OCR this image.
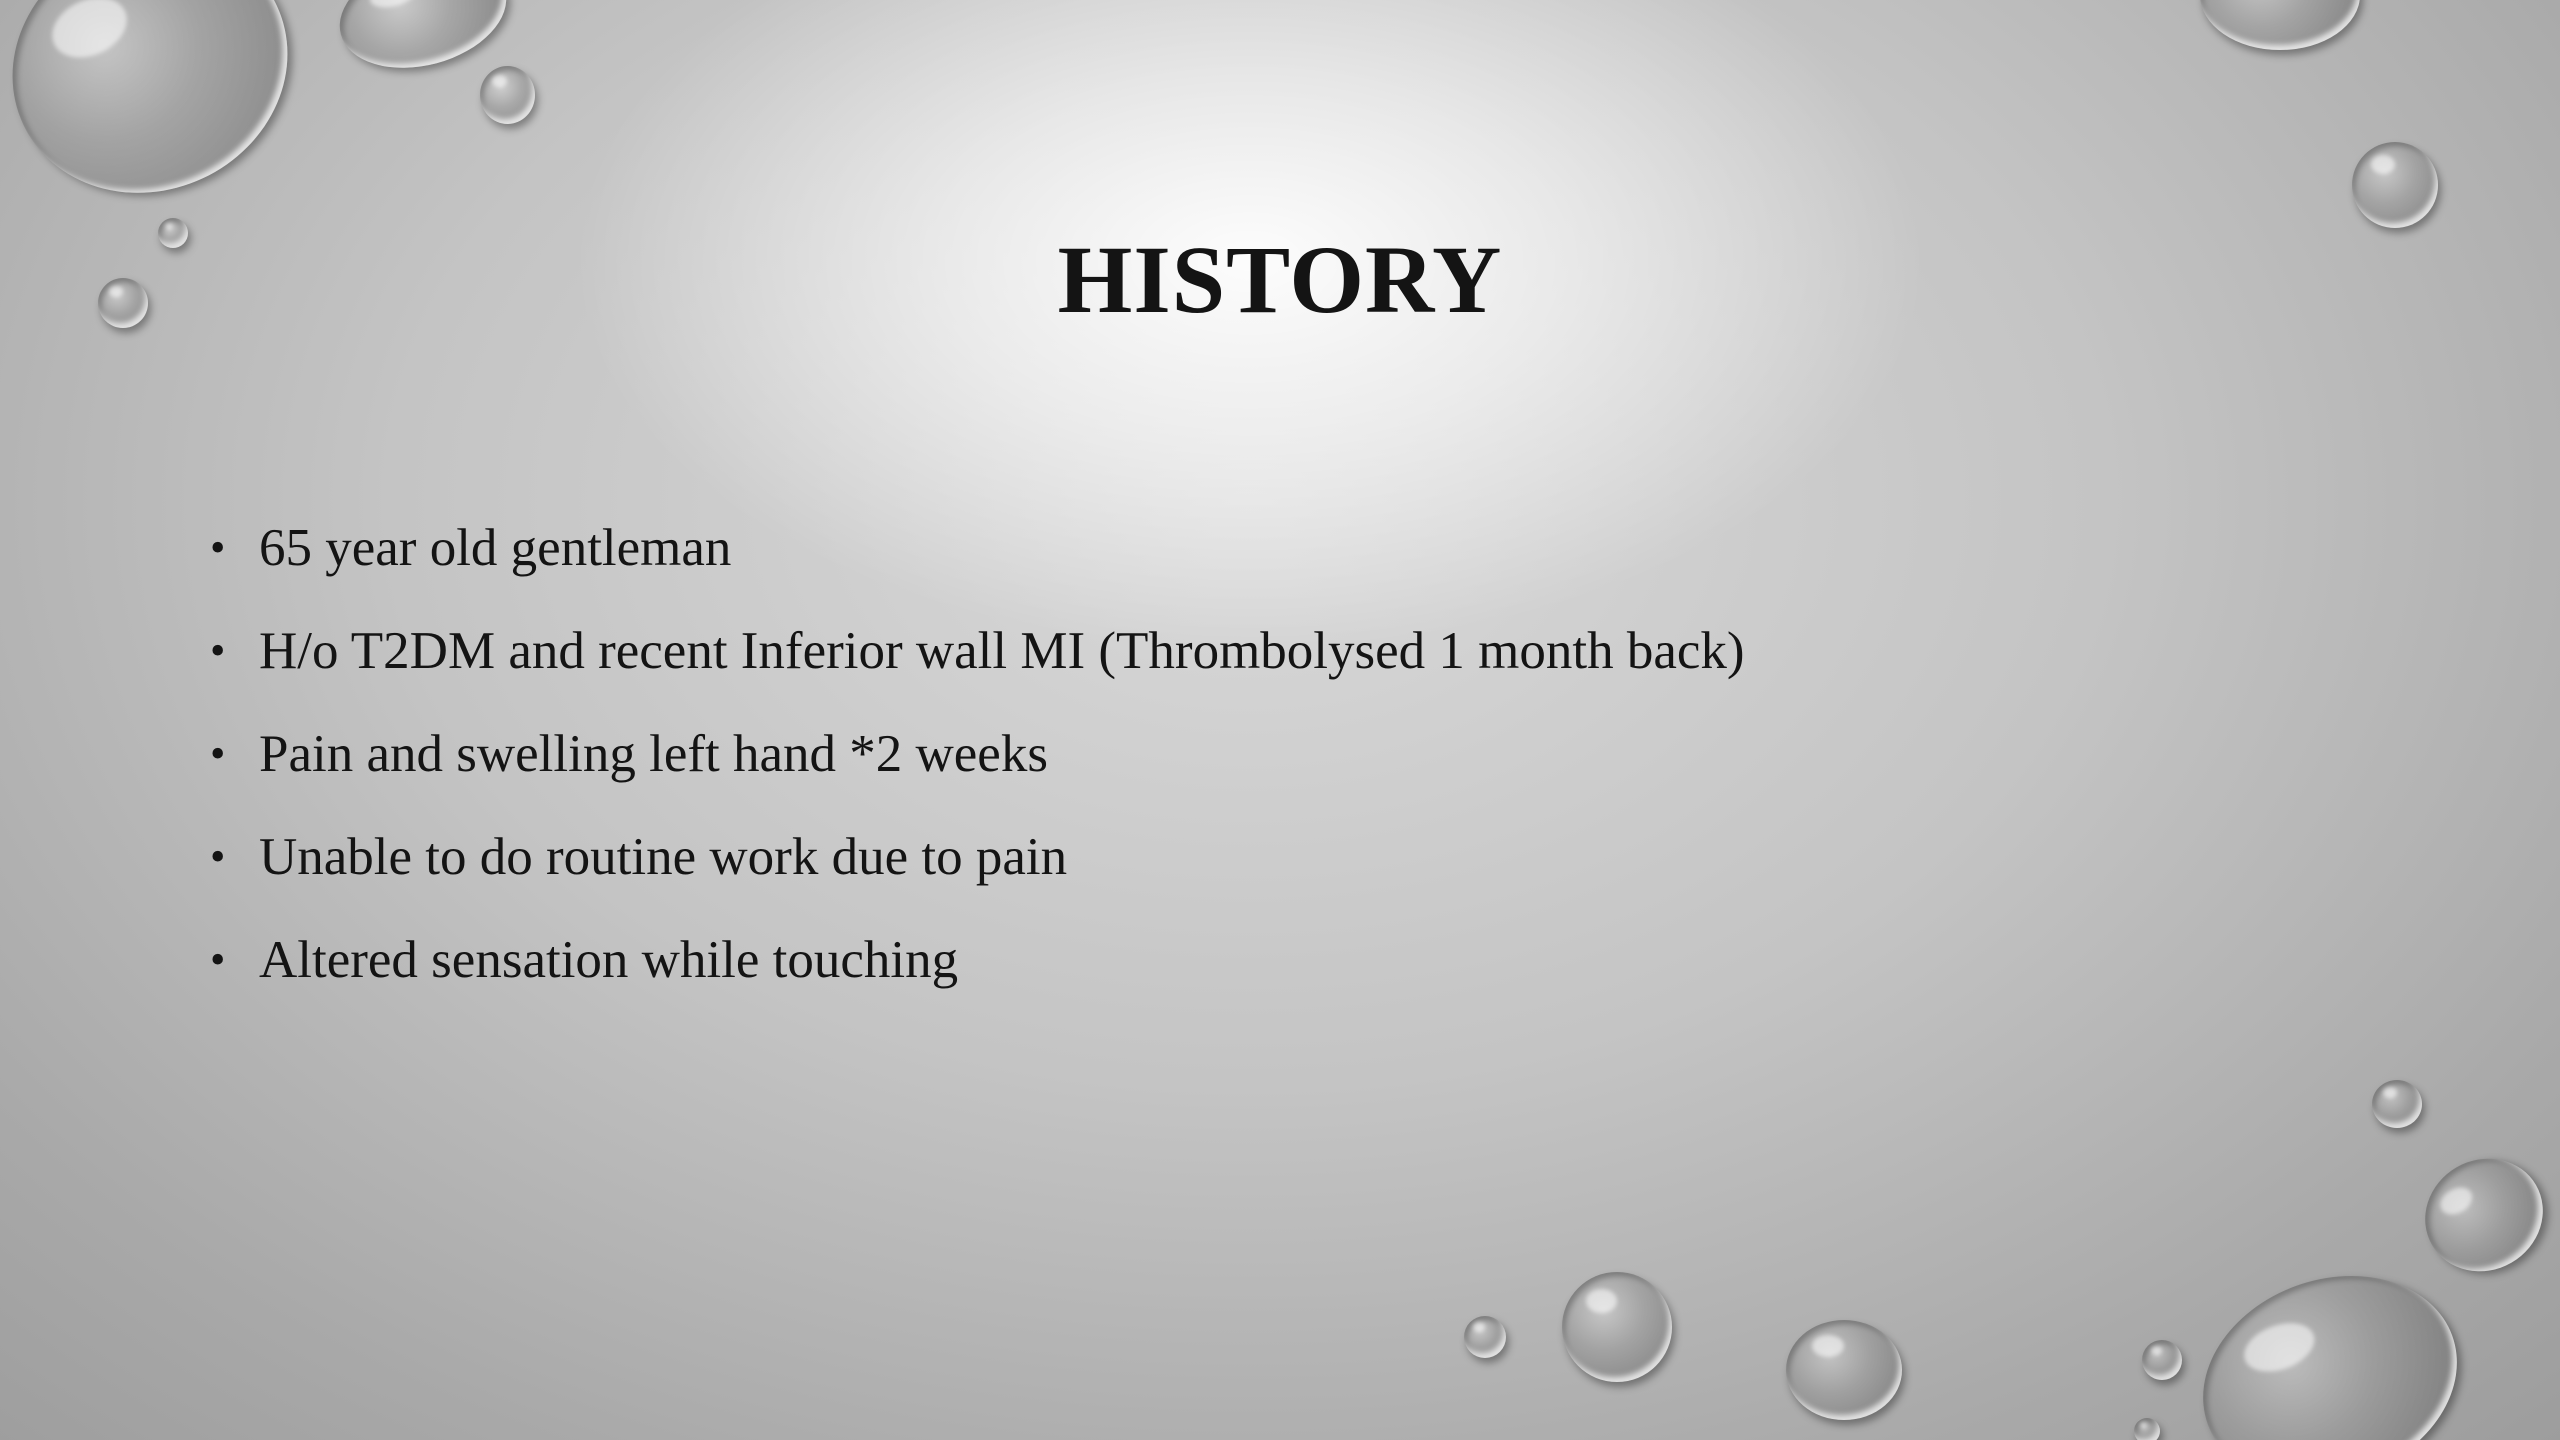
HISTORY
• 65 year old gentleman
• H/o T2DM and recent Inferior wall MI (Thrombolysed 1 month back)
• Pain and swelling left hand *2 weeks
• Unable to do routine work due to pain
• Altered sensation while touching
